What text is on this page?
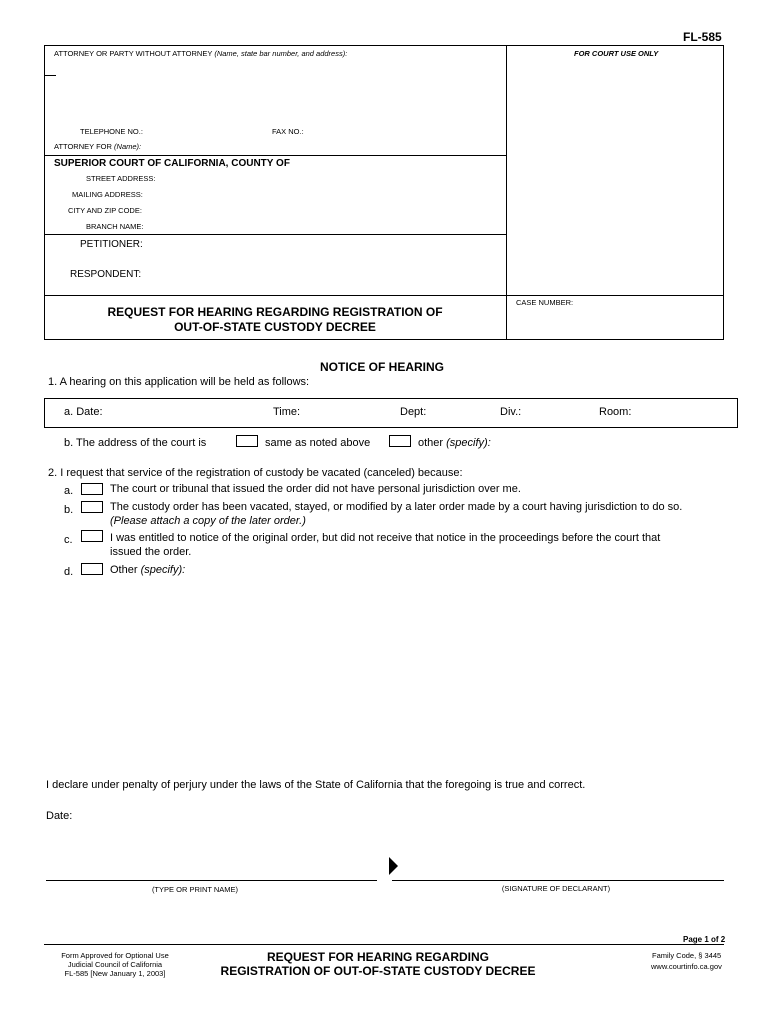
FL-585
ATTORNEY OR PARTY WITHOUT ATTORNEY (Name, state bar number, and address):	FOR COURT USE ONLY
TELEPHONE NO.:	FAX NO.:
ATTORNEY FOR (Name):
SUPERIOR COURT OF CALIFORNIA, COUNTY OF
STREET ADDRESS:
MAILING ADDRESS:
CITY AND ZIP CODE:
BRANCH NAME:
PETITIONER:
RESPONDENT:
REQUEST FOR HEARING REGARDING REGISTRATION OF
OUT-OF-STATE CUSTODY DECREE
CASE NUMBER:
NOTICE OF HEARING
1. A hearing on this application will be held as follows:
a. Date:	Time:	Dept:	Div.:	Room:
b. The address of the court is	same as noted above	other (specify):
2. I request that service of the registration of custody be vacated (canceled) because:
a.	The court or tribunal that issued the order did not have personal jurisdiction over me.
b.	The custody order has been vacated, stayed, or modified by a later order made by a court having jurisdiction to do so.
(Please attach a copy of the later order.)
c.	I was entitled to notice of the original order, but did not receive that notice in the proceedings before the court that
issued the order.
d.	Other (specify):
I declare under penalty of perjury under the laws of the State of California that the foregoing is true and correct.
Date:
(TYPE OR PRINT NAME)	(SIGNATURE OF DECLARANT)
Page 1 of 2
Form Approved for Optional Use
Judicial Council of California
FL-585 [New January 1, 2003]
REQUEST FOR HEARING REGARDING
REGISTRATION OF OUT-OF-STATE CUSTODY DECREE
Family Code, § 3445
www.courtinfo.ca.gov
